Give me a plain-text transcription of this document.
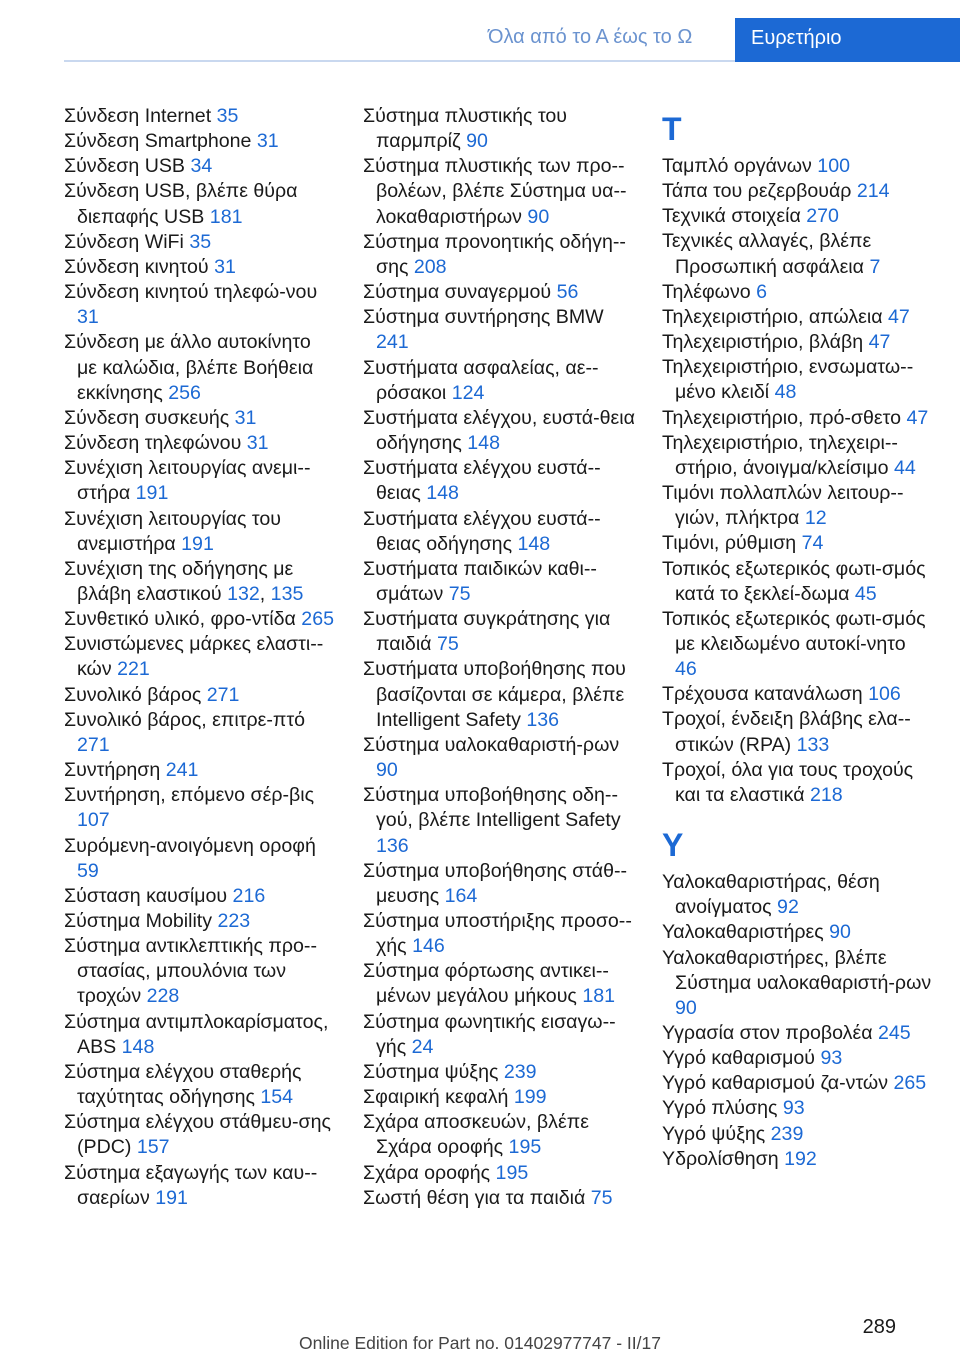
Όλα από το Α έως το Ω	Ευρετήριο
Σύνδεση Internet 35
Σύνδεση Smartphone 31
Σύνδεση USB 34
Σύνδεση USB, βλέπε θύρα διεπαφής USB 181
Σύνδεση WiFi 35
Σύνδεση κινητού 31
Σύνδεση κινητού τηλεφώ-νου 31
Σύνδεση με άλλο αυτοκίνητο με καλώδια, βλέπε Βοήθεια εκκίνησης 256
Σύνδεση συσκευής 31
Σύνδεση τηλεφώνου 31
Συνέχιση λειτουργίας ανεμι-στήρα 191
Συνέχιση λειτουργίας του ανεμιστήρα 191
Συνέχιση της οδήγησης με βλάβη ελαστικού 132, 135
Συνθετικό υλικό, φρο-ντίδα 265
Συνιστώμενες μάρκες ελαστι-κών 221
Συνολικό βάρος 271
Συνολικό βάρος, επιτρε-πτό 271
Συντήρηση 241
Συντήρηση, επόμενο σέρ-βις 107
Συρόμενη-ανοιγόμενη οροφή 59
Σύσταση καυσίμου 216
Σύστημα Mobility 223
Σύστημα αντικλεπτικής προ-στασίας, μπουλόνια των τροχών 228
Σύστημα αντιμπλοκαρίσματος, ABS 148
Σύστημα ελέγχου σταθερής ταχύτητας οδήγησης 154
Σύστημα ελέγχου στάθμευ-σης (PDC) 157
Σύστημα εξαγωγής των καυ-σαερίων 191
Σύστημα πλυστικής του παρμπρίζ 90
Σύστημα πλυστικής των προ-βολέων, βλέπε Σύστημα υα-λοκαθαριστήρων 90
Σύστημα προνοητικής οδήγη-σης 208
Σύστημα συναγερμού 56
Σύστημα συντήρησης BMW 241
Συστήματα ασφαλείας, αε-ρόσακοι 124
Συστήματα ελέγχου, ευστά-θεια οδήγησης 148
Συστήματα ελέγχου ευστά-θειας 148
Συστήματα ελέγχου ευστά-θειας οδήγησης 148
Συστήματα παιδικών καθι-σμάτων 75
Συστήματα συγκράτησης για παιδιά 75
Συστήματα υποβοήθησης που βασίζονται σε κάμερα, βλέπε Intelligent Safety 136
Σύστημα υαλοκαθαριστή-ρων 90
Σύστημα υποβοήθησης οδη-γού, βλέπε Intelligent Safety 136
Σύστημα υποβοήθησης στάθ-μευσης 164
Σύστημα υποστήριξης προσο-χής 146
Σύστημα φόρτωσης αντικει-μένων μεγάλου μήκους 181
Σύστημα φωνητικής εισαγω-γής 24
Σύστημα ψύξης 239
Σφαιρική κεφαλή 199
Σχάρα αποσκευών, βλέπε Σχάρα οροφής 195
Σχάρα οροφής 195
Σωστή θέση για τα παιδιά 75
T
Ταμπλό οργάνων 100
Τάπα του ρεζερβουάρ 214
Τεχνικά στοιχεία 270
Τεχνικές αλλαγές, βλέπε Προσωπική ασφάλεια 7
Τηλέφωνο 6
Τηλεχειριστήριο, απώλεια 47
Τηλεχειριστήριο, βλάβη 47
Τηλεχειριστήριο, ενσωματω-μένο κλειδί 48
Τηλεχειριστήριο, πρό-σθετο 47
Τηλεχειριστήριο, τηλεχειρι-στήριο, άνοιγμα/κλείσιμο 44
Τιμόνι πολλαπλών λειτουρ-γιών, πλήκτρα 12
Τιμόνι, ρύθμιση 74
Τοπικός εξωτερικός φωτι-σμός κατά το ξεκλεί-δωμα 45
Τοπικός εξωτερικός φωτι-σμός με κλειδωμένο αυτοκί-νητο 46
Τρέχουσα κατανάλωση 106
Τροχοί, ένδειξη βλάβης ελα-στικών (RPA) 133
Τροχοί, όλα για τους τροχούς και τα ελαστικά 218
Y
Υαλοκαθαριστήρας, θέση ανοίγματος 92
Υαλοκαθαριστήρες 90
Υαλοκαθαριστήρες, βλέπε Σύστημα υαλοκαθαριστή-ρων 90
Υγρασία στον προβολέα 245
Υγρό καθαρισμού 93
Υγρό καθαρισμού ζα-ντών 265
Υγρό πλύσης 93
Υγρό ψύξης 239
Υδρολίσθηση 192
289
Online Edition for Part no. 01402977747 - II/17
